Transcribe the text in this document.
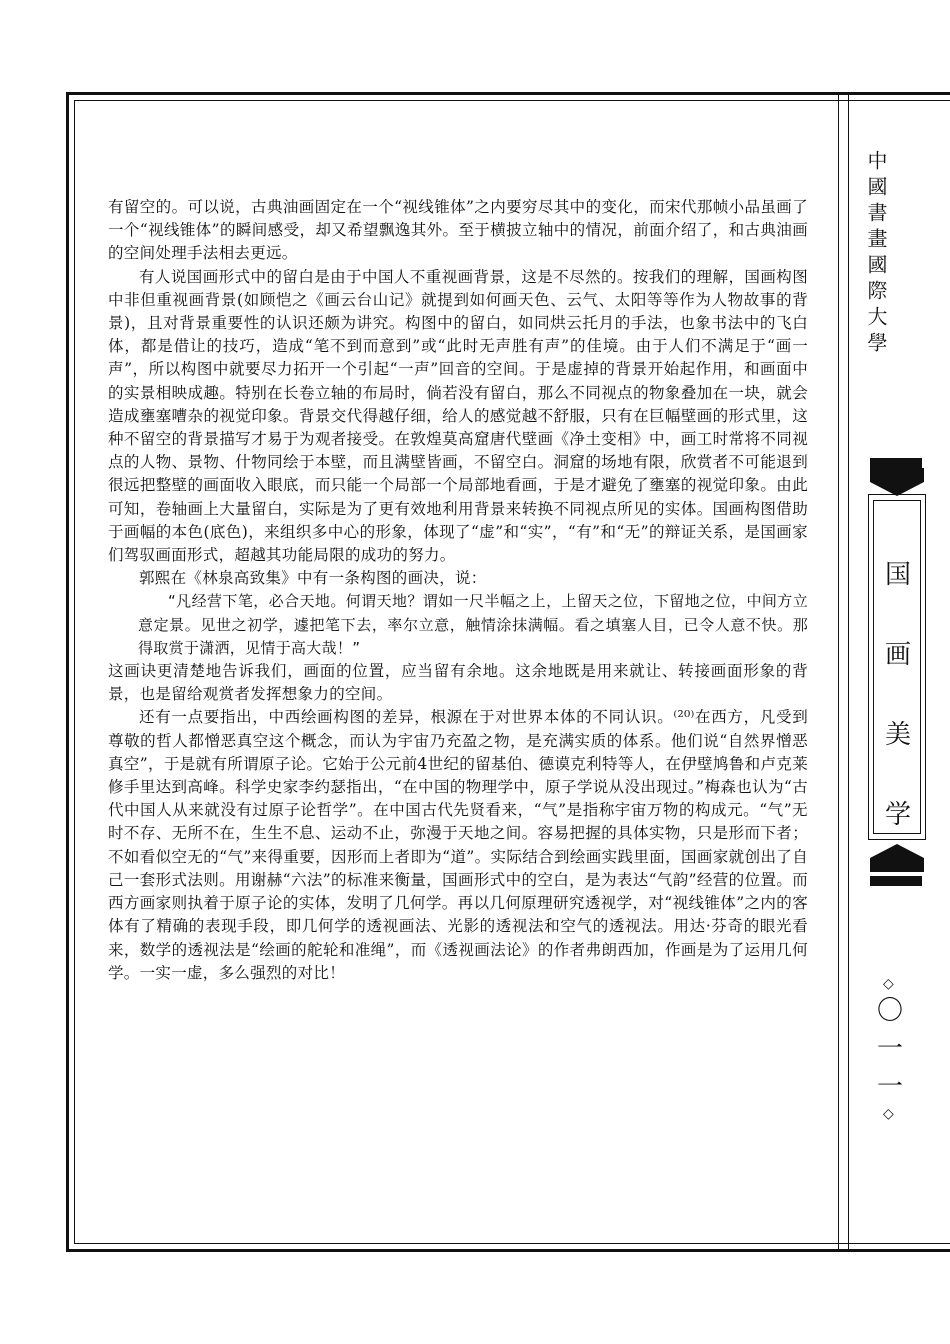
有留空的。可以说，古典油画固定在一个“视线锥体”之内要穷尽其中的变化，而宋代那帧小品虽画了一个“视线锥体”的瞬间感受，却又希望飘逸其外。至于横披立轴中的情况，前面介绍了，和古典油画的空间处理手法相去更远。

有人说国画形式中的留白是由于中国人不重视画背景，这是不尽然的。按我们的理解，国画构图中非但重视画背景(如顾恺之《画云台山记》就提到如何画天色、云气、太阳等等作为人物故事的背景)，且对背景重要性的认识还颇为讲究。构图中的留白，如同烘云托月的手法，也象书法中的飞白体，都是借让的技巧，造成“笔不到而意到”或“此时无声胜有声”的佳境。由于人们不满足于“画一声”，所以构图中就要尽力拓开一个引起“一声”回音的空间。于是虚掉的背景开始起作用，和画面中的实景相映成趣。特别在长卷立轴的布局时，倘若没有留白，那么不同视点的物象叠加在一块，就会造成壅塞嘈杂的视觉印象。背景交代得越仔细，给人的感觉越不舒服，只有在巨幅壁画的形式里，这种不留空的背景描写才易于为观者接受。在敦煌莫高窟唐代壁画《净土变相》中，画工时常将不同视点的人物、景物、什物同绘于本壁，而且满壁皆画，不留空白。洞窟的场地有限，欣赏者不可能退到很远把整壁的画面收入眼底，而只能一个局部一个局部地看画，于是才避免了壅塞的视觉印象。由此可知，卷轴画上大量留白，实际是为了更有效地利用背景来转换不同视点所见的实体。国画构图借助于画幅的本色(底色)，来组织多中心的形象，体现了“虚”和“实”，“有”和“无”的辩证关系，是国画家们驾驭画面形式，超越其功能局限的成功的努力。

郭熙在《林泉高致集》中有一条构图的画决，说：

“凡经营下笔，必合天地。何谓天地？谓如一尺半幅之上，上留天之位，下留地之位，中间方立意定景。见世之初学，遽把笔下去，率尔立意，触情涂抹满幅。看之填塞人目，已令人意不快。那得取赏于潇洒，见情于高大哉！”

这画诀更清楚地告诉我们，画面的位置，应当留有余地。这余地既是用来就让、转接画面形象的背景，也是留给观赏者发挥想象力的空间。

还有一点要指出，中西绘画构图的差异，根源在于对世界本体的不同认识。⁽²⁰⁾在西方，凡受到尊敬的哲人都憎恶真空这个概念，而认为宇宙乃充盈之物，是充满实质的体系。他们说“自然界憎恶真空”，于是就有所谓原子论。它始于公元前4世纪的留基伯、德谟克利特等人，在伊壁鸠鲁和卢克莱修手里达到高峰。科学史家李约瑟指出，“在中国的物理学中，原子学说从没出现过。”梅森也认为“古代中国人从来就没有过原子论哲学”。在中国古代先贤看来，“气”是指称宇宙万物的构成元。“气”无时不存、无所不在，生生不息、运动不止，弥漫于天地之间。容易把握的具体实物，只是形而下者；不如看似空无的“气”来得重要，因形而上者即为“道”。实际结合到绘画实践里面，国画家就创出了自己一套形式法则。用谢赫“六法”的标准来衡量，国画形式中的空白，是为表达“气韵”经营的位置。而西方画家则执着于原子论的实体，发明了几何学。再以几何原理研究透视学，对“视线锥体”之内的客体有了精确的表现手段，即几何学的透视画法、光影的透视法和空气的透视法。用达·芬奇的眼光看来，数学的透视法是“绘画的舵轮和准绳”，而《透视画法论》的作者弗朗西加，作画是为了运用几何学。一实一虚，多么强烈的对比！

中國書畫國際大學
国
画
美
学
◇
〇
一
一
◇
